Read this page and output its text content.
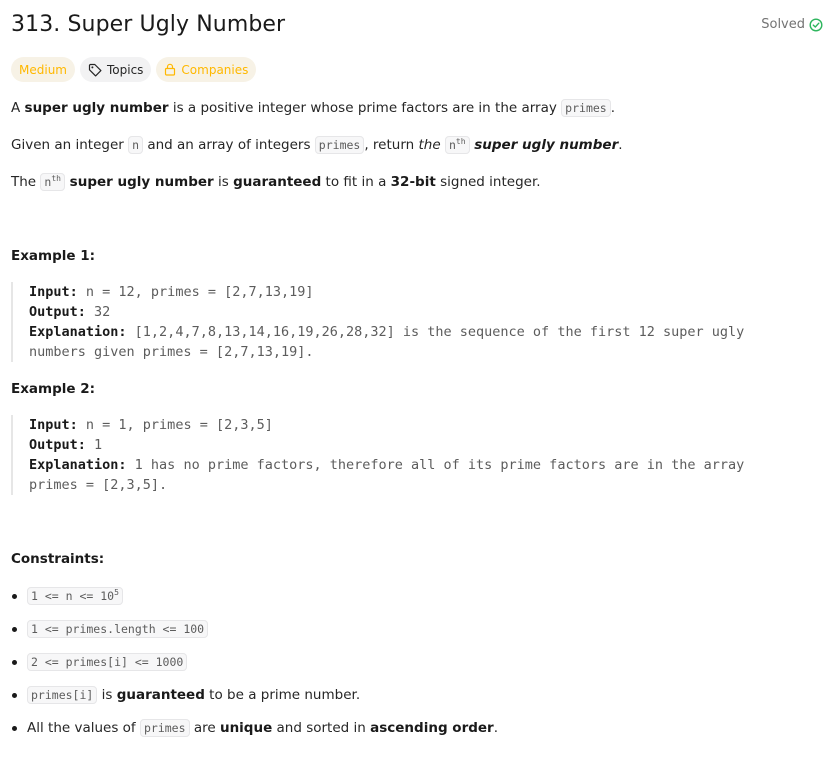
313. Super Ugly Number	Solved
Medium	Topics	Companies

A super ugly number is a positive integer whose prime factors are in the array primes .

Given an integer n and an array of integers primes , return the $n^{th}$ super ugly number.

The $n^{th}$ super ugly number is guaranteed to fit in a 32-bit signed integer.

Example 1:
Input: n = 12, primes = [2,7,13,19]
Output: 32
Explanation: [1,2,4,7,8,13,14,16,19,26,28,32] is the sequence of the first 12 super ugly numbers given primes = [2,7,13,19].
Example 2:
Input: n = 1, primes = [2,3,5]
Output: 1
Explanation: 1 has no prime factors, therefore all of its prime factors are in the array primes = [2,3,5].
Constraints:
$1 <= n <= 10^5$
1 <= primes.length <= 100
2 <= primes[i] <= 1000
primes[i] is guaranteed to be a prime number.
All the values of primes are unique and sorted in ascending order.
